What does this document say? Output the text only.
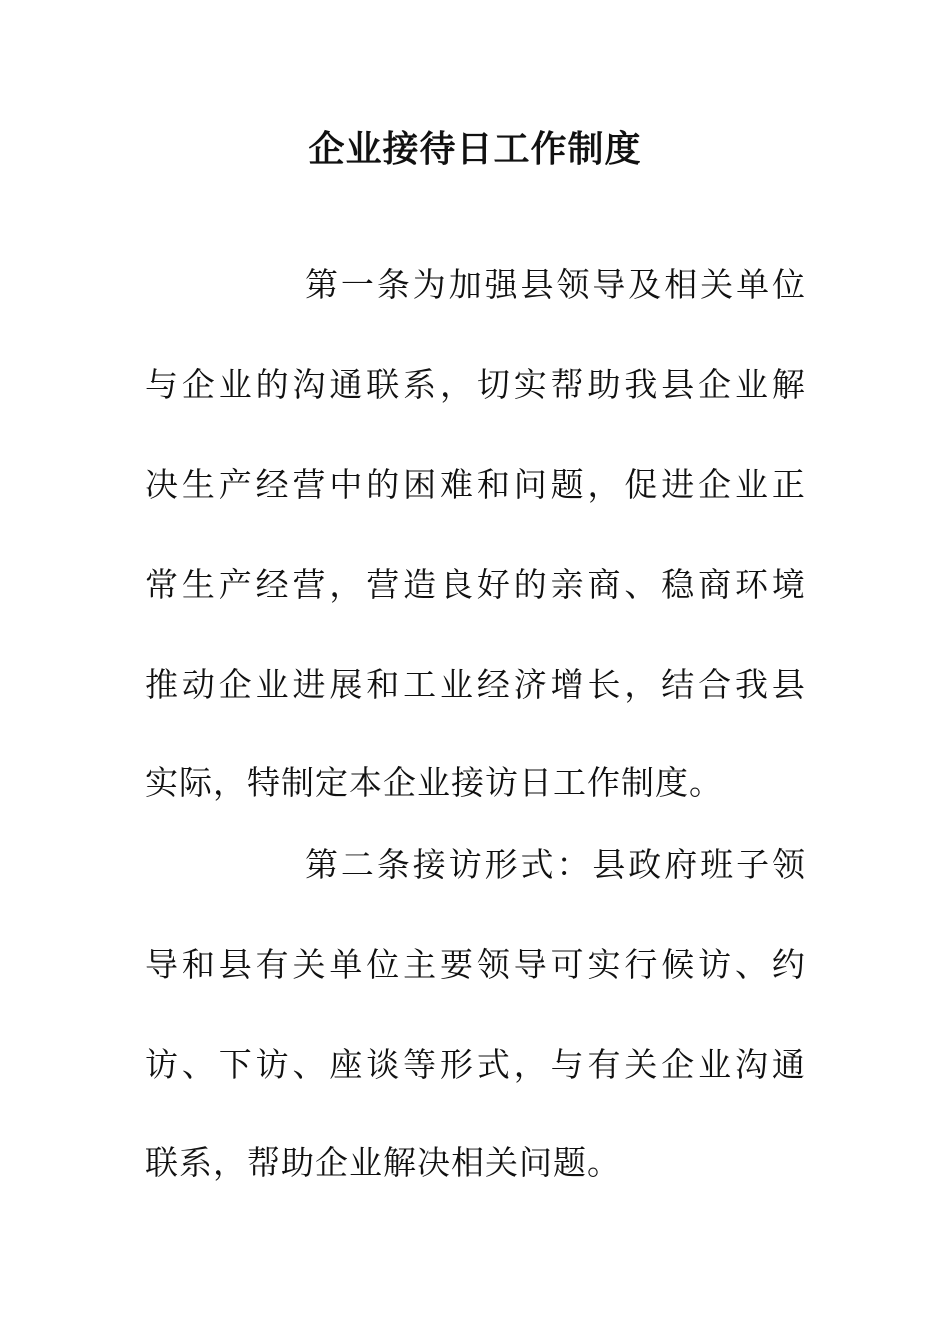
企业接待日工作制度

第 一 条 为 加 强 县 领 导 及 相 关 单 位

与 企 业 的 沟 通 联 系 ， 切 实 帮 助 我 县 企 业 解

决 生 产 经 营 中 的 困 难 和 问 题 ， 促 进 企 业 正

常 生 产 经 营 ， 营 造 良 好 的 亲 商 、 稳 商 环 境

推 动 企 业 进 展 和 工 业 经 济 增 长 ， 结 合 我 县

实际，特制定本企业接访日工作制度。

第 二 条 接 访 形 式 ： 县 政 府 班 子 领

导 和 县 有 关 单 位 主 要 领 导 可 实 行 候 访 、 约

访 、 下 访 、 座 谈 等 形 式 ， 与 有 关 企 业 沟 通

联系，帮助企业解决相关问题。
